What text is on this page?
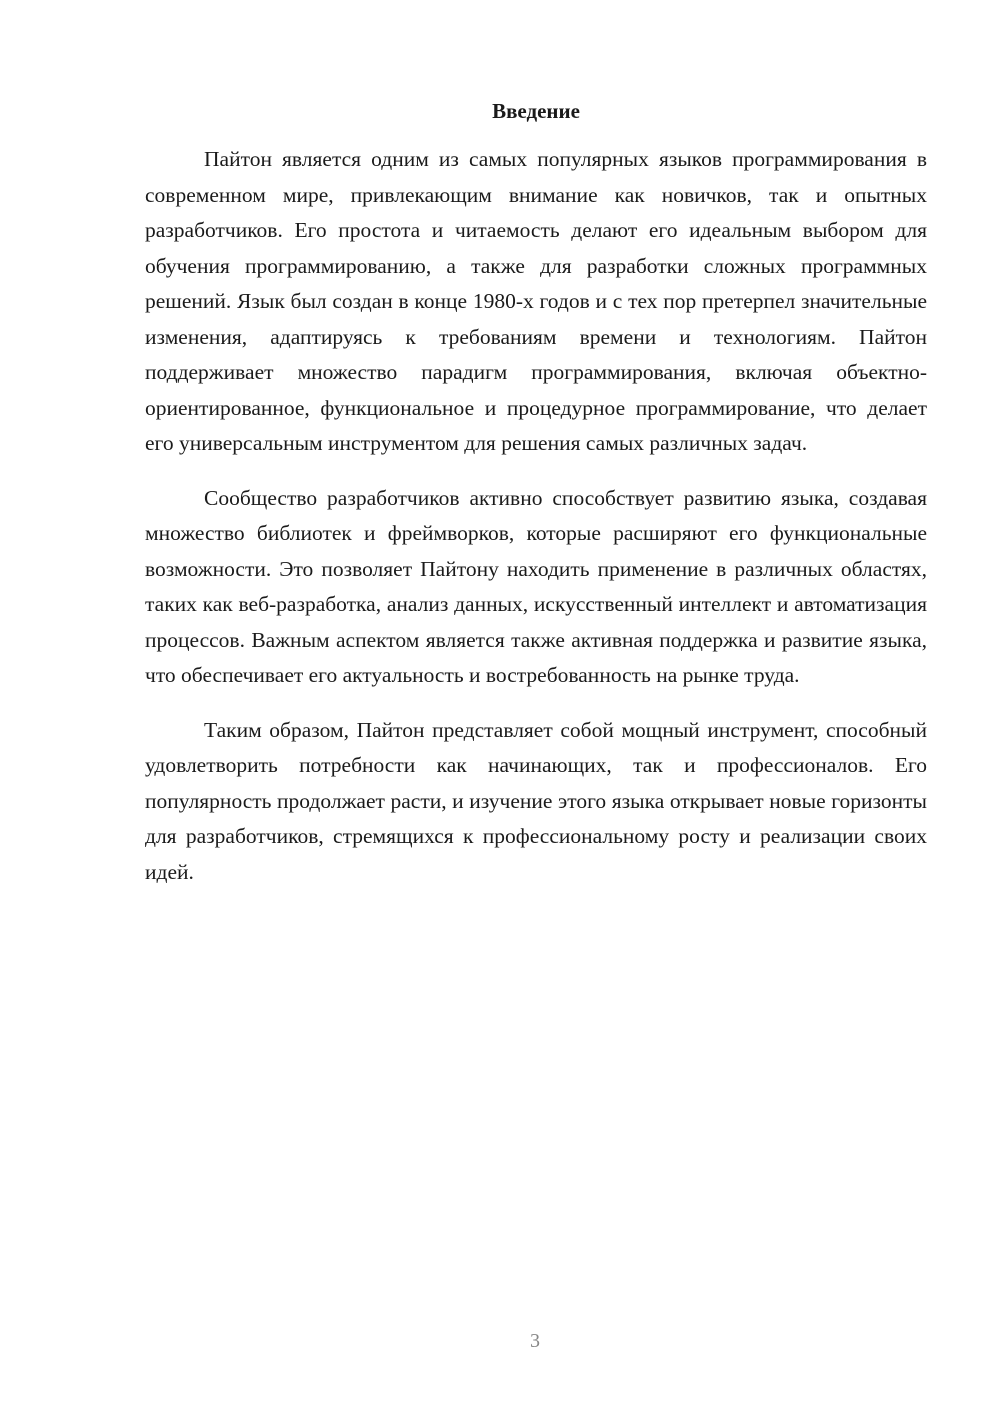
Введение

Пайтон является одним из самых популярных языков программирования в современном мире, привлекающим внимание как новичков, так и опытных разработчиков. Его простота и читаемость делают его идеальным выбором для обучения программированию, а также для разработки сложных программных решений. Язык был создан в конце 1980-х годов и с тех пор претерпел значительные изменения, адаптируясь к требованиям времени и технологиям. Пайтон поддерживает множество парадигм программирования, включая объектно-ориентированное, функциональное и процедурное программирование, что делает его универсальным инструментом для решения самых различных задач.

Сообщество разработчиков активно способствует развитию языка, создавая множество библиотек и фреймворков, которые расширяют его функциональные возможности. Это позволяет Пайтону находить применение в различных областях, таких как веб-разработка, анализ данных, искусственный интеллект и автоматизация процессов. Важным аспектом является также активная поддержка и развитие языка, что обеспечивает его актуальность и востребованность на рынке труда.

Таким образом, Пайтон представляет собой мощный инструмент, способный удовлетворить потребности как начинающих, так и профессионалов. Его популярность продолжает расти, и изучение этого языка открывает новые горизонты для разработчиков, стремящихся к профессиональному росту и реализации своих идей.

3
